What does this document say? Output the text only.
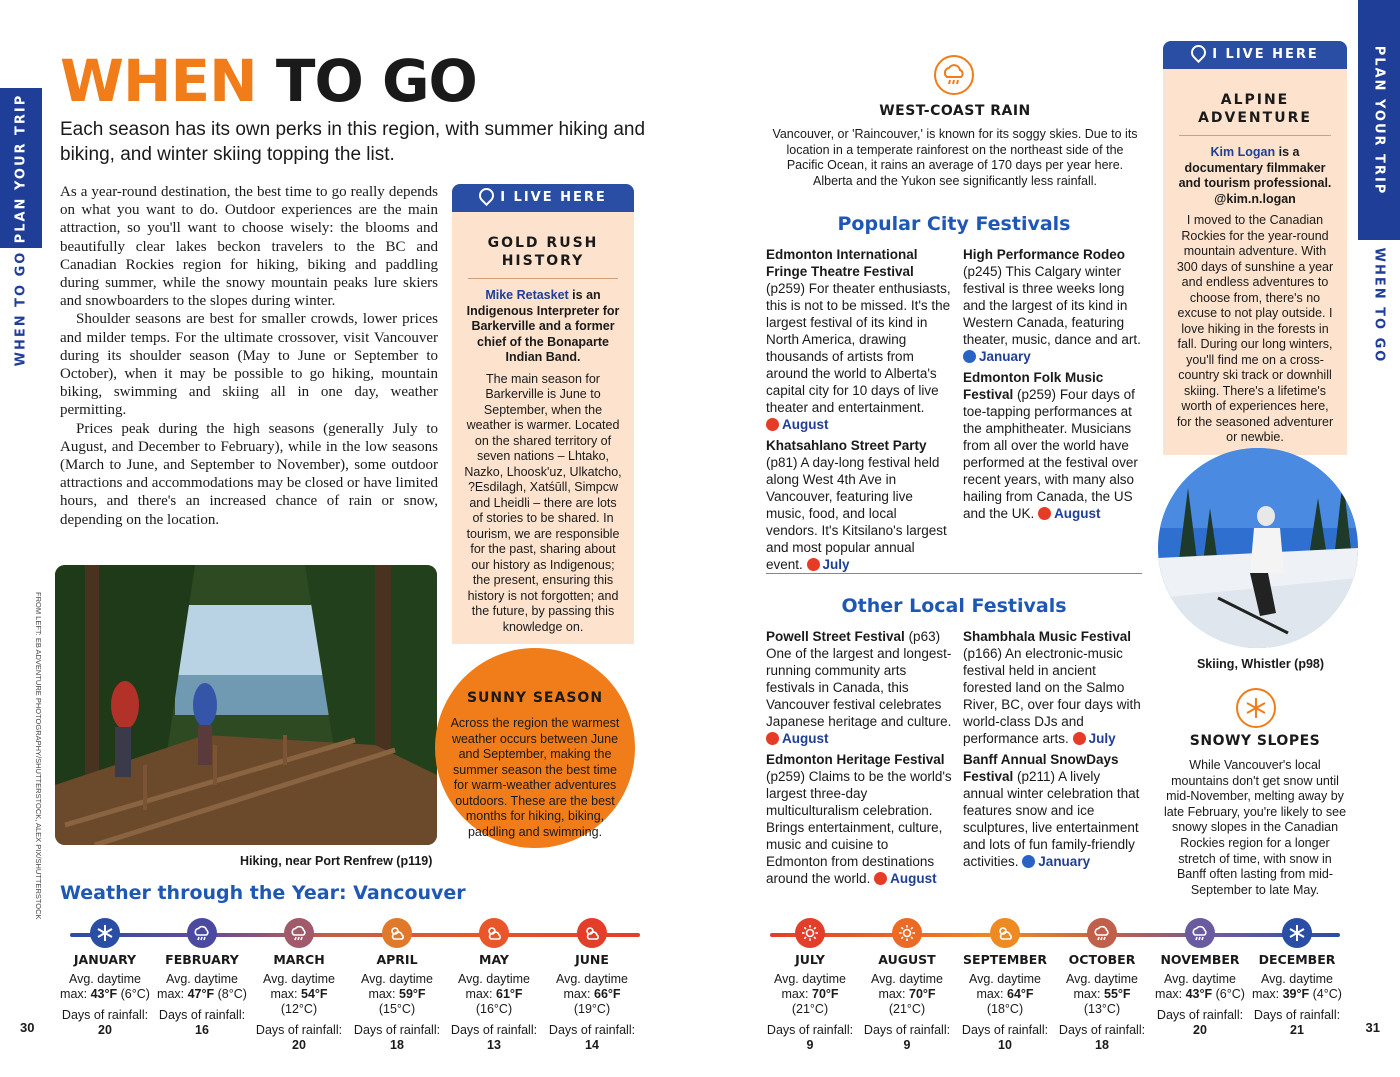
PLAN YOUR TRIP
WHEN TO GO
PLAN YOUR TRIP
WHEN TO GO
WHEN TO GO

Each season has its own perks in this region, with summer hiking and biking, and winter skiing topping the list.

As a year-round destination, the best time to go really depends on what you want to do. Outdoor experiences are the main attraction, so you'll want to choose wisely: the blooms and beautifully clear lakes beckon travelers to the BC and Canadian Rockies region for hiking, biking and paddling during summer, while the snowy mountain peaks lure skiers and snowboarders to the slopes during winter.

Shoulder seasons are best for smaller crowds, lower prices and milder temps. For the ultimate crossover, visit Vancouver during its shoulder season (May to June or September to October), when it may be possible to go hiking, mountain biking, swimming and skiing all in one day, weather permitting.

Prices peak during the high seasons (generally July to August, and December to February), while in the low seasons (March to June, and September to November), some outdoor attractions and accommodations may be closed or have limited hours, and there's an increased chance of rain or snow, depending on the location.

I LIVE HERE
GOLD RUSH HISTORY
Mike Retasket is an Indigenous Interpreter for Barkerville and a former chief of the Bonaparte Indian Band.
The main season for Barkerville is June to September, when the weather is warmer. Located on the shared territory of seven nations – Lhtako, Nazko, Lhoosk'uz, Ulkatcho, ?Esdilagh, Xatśūll, Simpcw and Lheidli – there are lots of stories to be shared. In tourism, we are responsible for the past, sharing about our history as Indigenous; the present, ensuring this history is not forgotten; and the future, by passing this knowledge on.
FROM LEFT: EB ADVENTURE PHOTOGRAPHY/SHUTTERSTOCK, ALEX PIX/SHUTTERSTOCK	Hiking, near Port Renfrew (p119)
SUNNY SEASON

Across the region the warmest weather occurs between June and September, making the summer season the best time for warm-weather adventures outdoors. These are the best months for hiking, biking, paddling and swimming.

WEST-COAST RAIN
Vancouver, or 'Raincouver,' is known for its soggy skies. Due to its location in a temperate rainforest on the northeast side of the Pacific Ocean, it rains an average of 170 days per year here. Alberta and the Yukon see significantly less rainfall.
Popular City Festivals
Edmonton International Fringe Theatre Festival (p259) For theater enthusiasts, this is not to be missed. It's the largest festival of its kind in North America, drawing thousands of artists from around the world to Alberta's capital city for 10 days of live theater and entertainment. August
Khatsahlano Street Party (p81) A day-long festival held along West 4th Ave in Vancouver, featuring live music, food, and local vendors. It's Kitsilano's largest and most popular annual event. July
High Performance Rodeo (p245) This Calgary winter festival is three weeks long and the largest of its kind in Western Canada, featuring theater, music, dance and art. January
Edmonton Folk Music Festival (p259) Four days of toe-tapping performances at the amphitheater. Musicians from all over the world have performed at the festival over recent years, with many also hailing from Canada, the US and the UK. August
Other Local Festivals
Powell Street Festival (p63) One of the largest and longest-running community arts festivals in Canada, this Vancouver festival celebrates Japanese heritage and culture. August
Edmonton Heritage Festival (p259) Claims to be the world's largest three-day multiculturalism celebration. Brings entertainment, culture, music and cuisine to Edmonton from destinations around the world. August
Shambhala Music Festival (p166) An electronic-music festival held in ancient forested land on the Salmo River, BC, over four days with world-class DJs and performance arts. July
Banff Annual SnowDays Festival (p211) A lively annual winter celebration that features snow and ice sculptures, live entertainment and lots of fun family-friendly activities. January
I LIVE HERE
ALPINE ADVENTURE
Kim Logan is a documentary filmmaker and tourism professional. @kim.n.logan
I moved to the Canadian Rockies for the year-round mountain adventure. With 300 days of sunshine a year and endless adventures to choose from, there's no excuse to not play outside. I love hiking in the forests in fall. During our long winters, you'll find me on a cross-country ski track or downhill skiing. There's a lifetime's worth of experiences here, for the seasoned adventurer or newbie.
Skiing, Whistler (p98)
SNOWY SLOPES
While Vancouver's local mountains don't get snow until mid-November, melting away by late February, you're likely to see snowy slopes in the Canadian Rockies region for a longer stretch of time, with snow in Banff often lasting from mid-September to late May.
Weather through the Year: Vancouver
JANUARY
Avg. daytime max: 43°F (6°C)
Days of rainfall: 20
FEBRUARY
Avg. daytime max: 47°F (8°C)
Days of rainfall: 16
MARCH
Avg. daytime max: 54°F (12°C)
Days of rainfall: 20
APRIL
Avg. daytime max: 59°F (15°C)
Days of rainfall: 18
MAY
Avg. daytime max: 61°F (16°C)
Days of rainfall: 13
JUNE
Avg. daytime max: 66°F (19°C)
Days of rainfall: 14
JULY
Avg. daytime max: 70°F (21°C)
Days of rainfall: 9
AUGUST
Avg. daytime max: 70°F (21°C)
Days of rainfall: 9
SEPTEMBER
Avg. daytime max: 64°F (18°C)
Days of rainfall: 10
OCTOBER
Avg. daytime max: 55°F (13°C)
Days of rainfall: 18
NOVEMBER
Avg. daytime max: 43°F (6°C)
Days of rainfall: 20
DECEMBER
Avg. daytime max: 39°F (4°C)
Days of rainfall: 21
30	31
